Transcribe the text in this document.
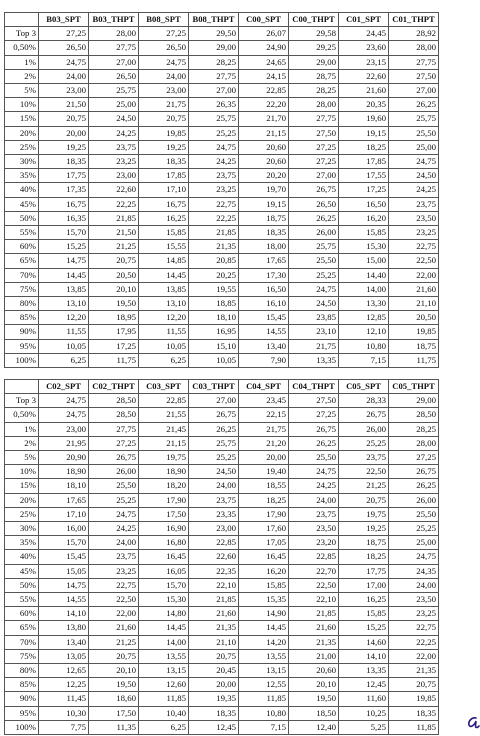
	B03_SPT	B03_THPT	B08_SPT	B08_THPT	C00_SPT	C00_THPT	C01_SPT	C01_THPT
Top 3	27,25	28,00	27,25	29,50	26,07	29,58	24,45	28,92
0,50%	26,50	27,75	26,50	29,00	24,90	29,25	23,60	28,00
1%	24,75	27,00	24,75	28,25	24,65	29,00	23,15	27,75
2%	24,00	26,50	24,00	27,75	24,15	28,75	22,60	27,50
5%	23,00	25,75	23,00	27,00	22,85	28,25	21,60	27,00
10%	21,50	25,00	21,75	26,35	22,20	28,00	20,35	26,25
15%	20,75	24,50	20,75	25,75	21,70	27,75	19,60	25,75
20%	20,00	24,25	19,85	25,25	21,15	27,50	19,15	25,50
25%	19,25	23,75	19,25	24,75	20,60	27,25	18,25	25,00
30%	18,35	23,25	18,35	24,25	20,60	27,25	17,85	24,75
35%	17,75	23,00	17,85	23,75	20,20	27,00	17,55	24,50
40%	17,35	22,60	17,10	23,25	19,70	26,75	17,25	24,25
45%	16,75	22,25	16,75	22,75	19,15	26,50	16,50	23,75
50%	16,35	21,85	16,25	22,25	18,75	26,25	16,20	23,50
55%	15,70	21,50	15,85	21,85	18,35	26,00	15,85	23,25
60%	15,25	21,25	15,55	21,35	18,00	25,75	15,30	22,75
65%	14,75	20,75	14,85	20,85	17,65	25,50	15,00	22,50
70%	14,45	20,50	14,45	20,25	17,30	25,25	14,40	22,00
75%	13,85	20,10	13,85	19,55	16,50	24,75	14,00	21,60
80%	13,10	19,50	13,10	18,85	16,10	24,50	13,30	21,10
85%	12,20	18,95	12,20	18,10	15,45	23,85	12,85	20,50
90%	11,55	17,95	11,55	16,95	14,55	23,10	12,10	19,85
95%	10,05	17,25	10,05	15,10	13,40	21,75	10,80	18,75
100%	6,25	11,75	6,25	10,05	7,90	13,35	7,15	11,75
	C02_SPT	C02_THPT	C03_SPT	C03_THPT	C04_SPT	C04_THPT	C05_SPT	C05_THPT
Top 3	24,75	28,50	22,85	27,00	23,45	27,50	28,33	29,00
0,50%	24,75	28,50	21,55	26,75	22,15	27,25	26,75	28,50
1%	23,00	27,75	21,45	26,25	21,75	26,75	26,00	28,25
2%	21,95	27,25	21,15	25,75	21,20	26,25	25,25	28,00
5%	20,90	26,75	19,75	25,25	20,00	25,50	23,75	27,25
10%	18,90	26,00	18,90	24,50	19,40	24,75	22,50	26,75
15%	18,10	25,50	18,20	24,00	18,55	24,25	21,25	26,25
20%	17,65	25,25	17,90	23,75	18,25	24,00	20,75	26,00
25%	17,10	24,75	17,50	23,35	17,90	23,75	19,75	25,50
30%	16,00	24,25	16,90	23,00	17,60	23,50	19,25	25,25
35%	15,70	24,00	16,80	22,85	17,05	23,20	18,75	25,00
40%	15,45	23,75	16,45	22,60	16,45	22,85	18,25	24,75
45%	15,05	23,25	16,05	22,35	16,20	22,70	17,75	24,35
50%	14,75	22,75	15,70	22,10	15,85	22,50	17,00	24,00
55%	14,55	22,50	15,30	21,85	15,35	22,10	16,25	23,50
60%	14,10	22,00	14,80	21,60	14,90	21,85	15,85	23,25
65%	13,80	21,60	14,45	21,35	14,45	21,60	15,25	22,75
70%	13,40	21,25	14,00	21,10	14,20	21,35	14,60	22,25
75%	13,05	20,75	13,55	20,75	13,55	21,00	14,10	22,00
80%	12,65	20,10	13,15	20,45	13,15	20,60	13,35	21,35
85%	12,25	19,50	12,60	20,00	12,55	20,10	12,45	20,75
90%	11,45	18,60	11,85	19,35	11,85	19,50	11,60	19,85
95%	10,30	17,50	10,40	18,35	10,80	18,50	10,25	18,35
100%	7,75	11,35	6,25	12,45	7,15	12,40	5,25	11,85
